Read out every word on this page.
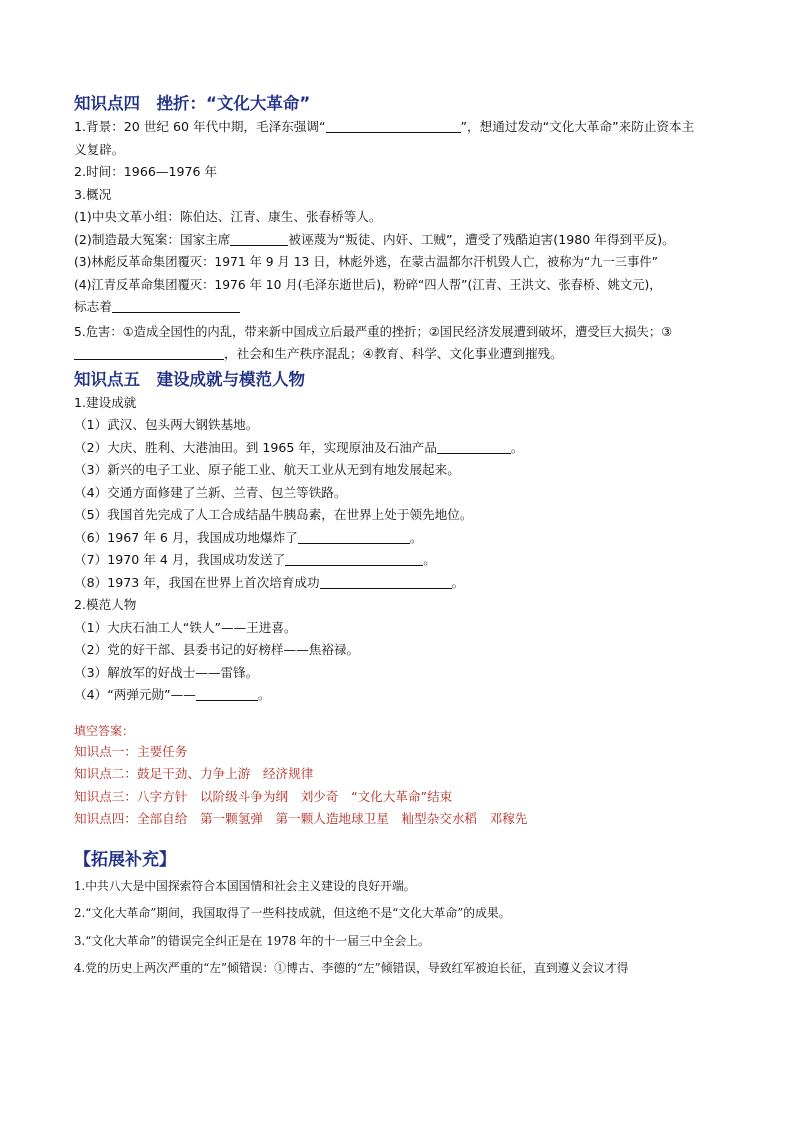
知识点四　挫折：“文化大革命”

1.背景：20 世纪 60 年代中期，毛泽东强调“	”，想通过发动“文化大革命”来防止资本主

义复辟。

2.时间：1966—1976 年

3.概况

(1)中央文革小组：陈伯达、江青、康生、张春桥等人。

(2)制造最大冤案：国家主席	被诬蔑为“叛徒、内奸、工贼”，遭受了残酷迫害(1980 年得到平反)。

(3)林彪反革命集团覆灭：1971 年 9 月 13 日，林彪外逃，在蒙古温都尔汗机毁人亡，被称为“九一三事件”

(4)江青反革命集团覆灭：1976 年 10 月(毛泽东逝世后)，粉碎“四人帮”(江青、王洪文、张春桥、姚文元)，

标志着

5.危害：①造成全国性的内乱，带来新中国成立后最严重的挫折；②国民经济发展遭到破坏，遭受巨大损失；③

，社会和生产秩序混乱；④教育、科学、文化事业遭到摧残。

知识点五　建设成就与模范人物

1.建设成就

（1）武汉、包头两大钢铁基地。

（2）大庆、胜利、大港油田。到 1965 年，实现原油及石油产品	。

（3）新兴的电子工业、原子能工业、航天工业从无到有地发展起来。

（4）交通方面修建了兰新、兰青、包兰等铁路。

（5）我国首先完成了人工合成结晶牛胰岛素，在世界上处于领先地位。

（6）1967 年 6 月，我国成功地爆炸了	。

（7）1970 年 4 月，我国成功发送了	。

（8）1973 年，我国在世界上首次培育成功	。

2.模范人物

（1）大庆石油工人“铁人”——王进喜。

（2）党的好干部、县委书记的好榜样——焦裕禄。

（3）解放军的好战士——雷锋。

（4）“两弹元勋”——	。

填空答案：

知识点一：主要任务

知识点二：鼓足干劲、力争上游　经济规律

知识点三：八字方针　以阶级斗争为纲　刘少奇　“文化大革命”结束

知识点四：全部自给　第一颗氢弹　第一颗人造地球卫星　籼型杂交水稻　邓稼先

【拓展补充】

1.中共八大是中国探索符合本国国情和社会主义建设的良好开端。

2.“文化大革命”期间，我国取得了一些科技成就，但这绝不是“文化大革命”的成果。

3.“文化大革命”的错误完全纠正是在 1978 年的十一届三中全会上。

4.党的历史上两次严重的“左”倾错误：①博古、李德的“左”倾错误，导致红军被迫长征，直到遵义会议才得
